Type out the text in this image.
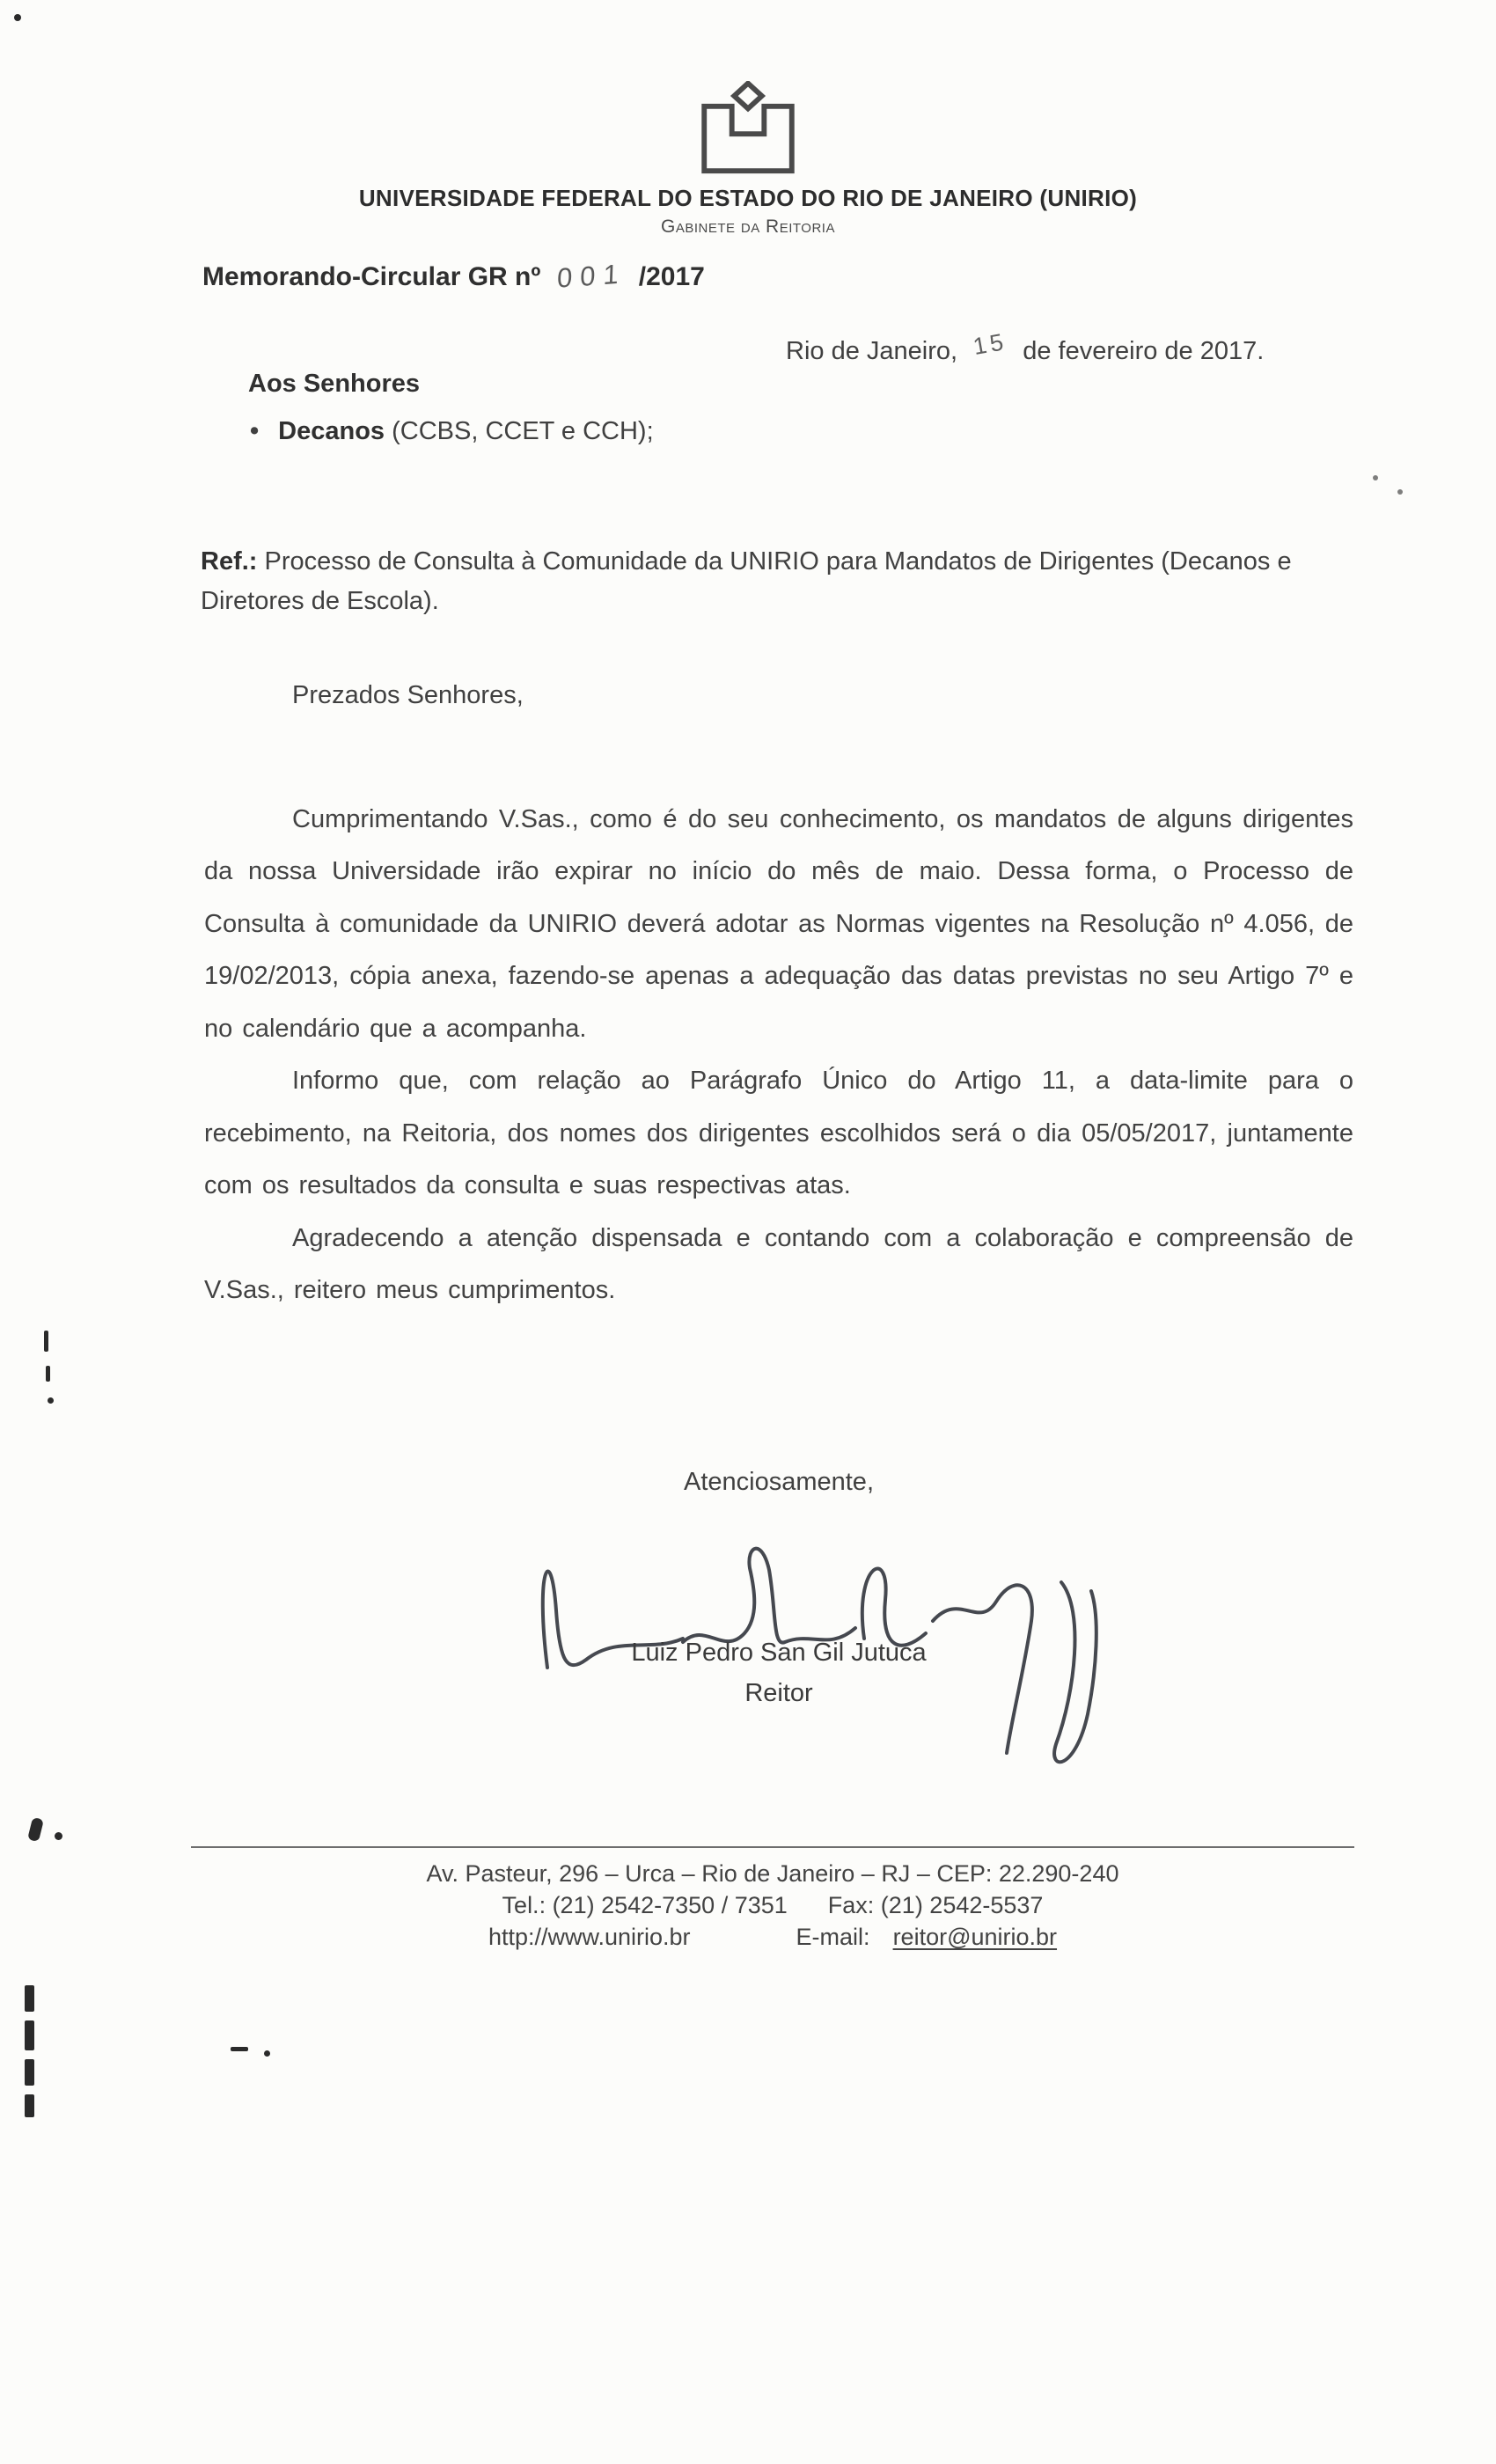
UNIVERSIDADE FEDERAL DO ESTADO DO RIO DE JANEIRO (UNIRIO)
Gabinete da Reitoria
Memorando-Circular GR nº 001 /2017
Rio de Janeiro, 15 de fevereiro de 2017.
Aos Senhores
• Decanos (CCBS, CCET e CCH);
Ref.: Processo de Consulta à Comunidade da UNIRIO para Mandatos de Dirigentes (Decanos e Diretores de Escola).
Prezados Senhores,

Cumprimentando V.Sas., como é do seu conhecimento, os mandatos de alguns dirigentes da nossa Universidade irão expirar no início do mês de maio. Dessa forma, o Processo de Consulta à comunidade da UNIRIO deverá adotar as Normas vigentes na Resolução nº 4.056, de 19/02/2013, cópia anexa, fazendo-se apenas a adequação das datas previstas no seu Artigo 7º e no calendário que a acompanha.

Informo que, com relação ao Parágrafo Único do Artigo 11, a data-limite para o recebimento, na Reitoria, dos nomes dos dirigentes escolhidos será o dia 05/05/2017, juntamente com os resultados da consulta e suas respectivas atas.

Agradecendo a atenção dispensada e contando com a colaboração e compreensão de V.Sas., reitero meus cumprimentos.

Atenciosamente,
Luiz Pedro San Gil Jutuca
Reitor
Av. Pasteur, 296 – Urca – Rio de Janeiro – RJ – CEP: 22.290-240
Tel.: (21) 2542-7350 / 7351 Fax: (21) 2542-5537
http://www.unirio.br	E-mail: reitor@unirio.br
